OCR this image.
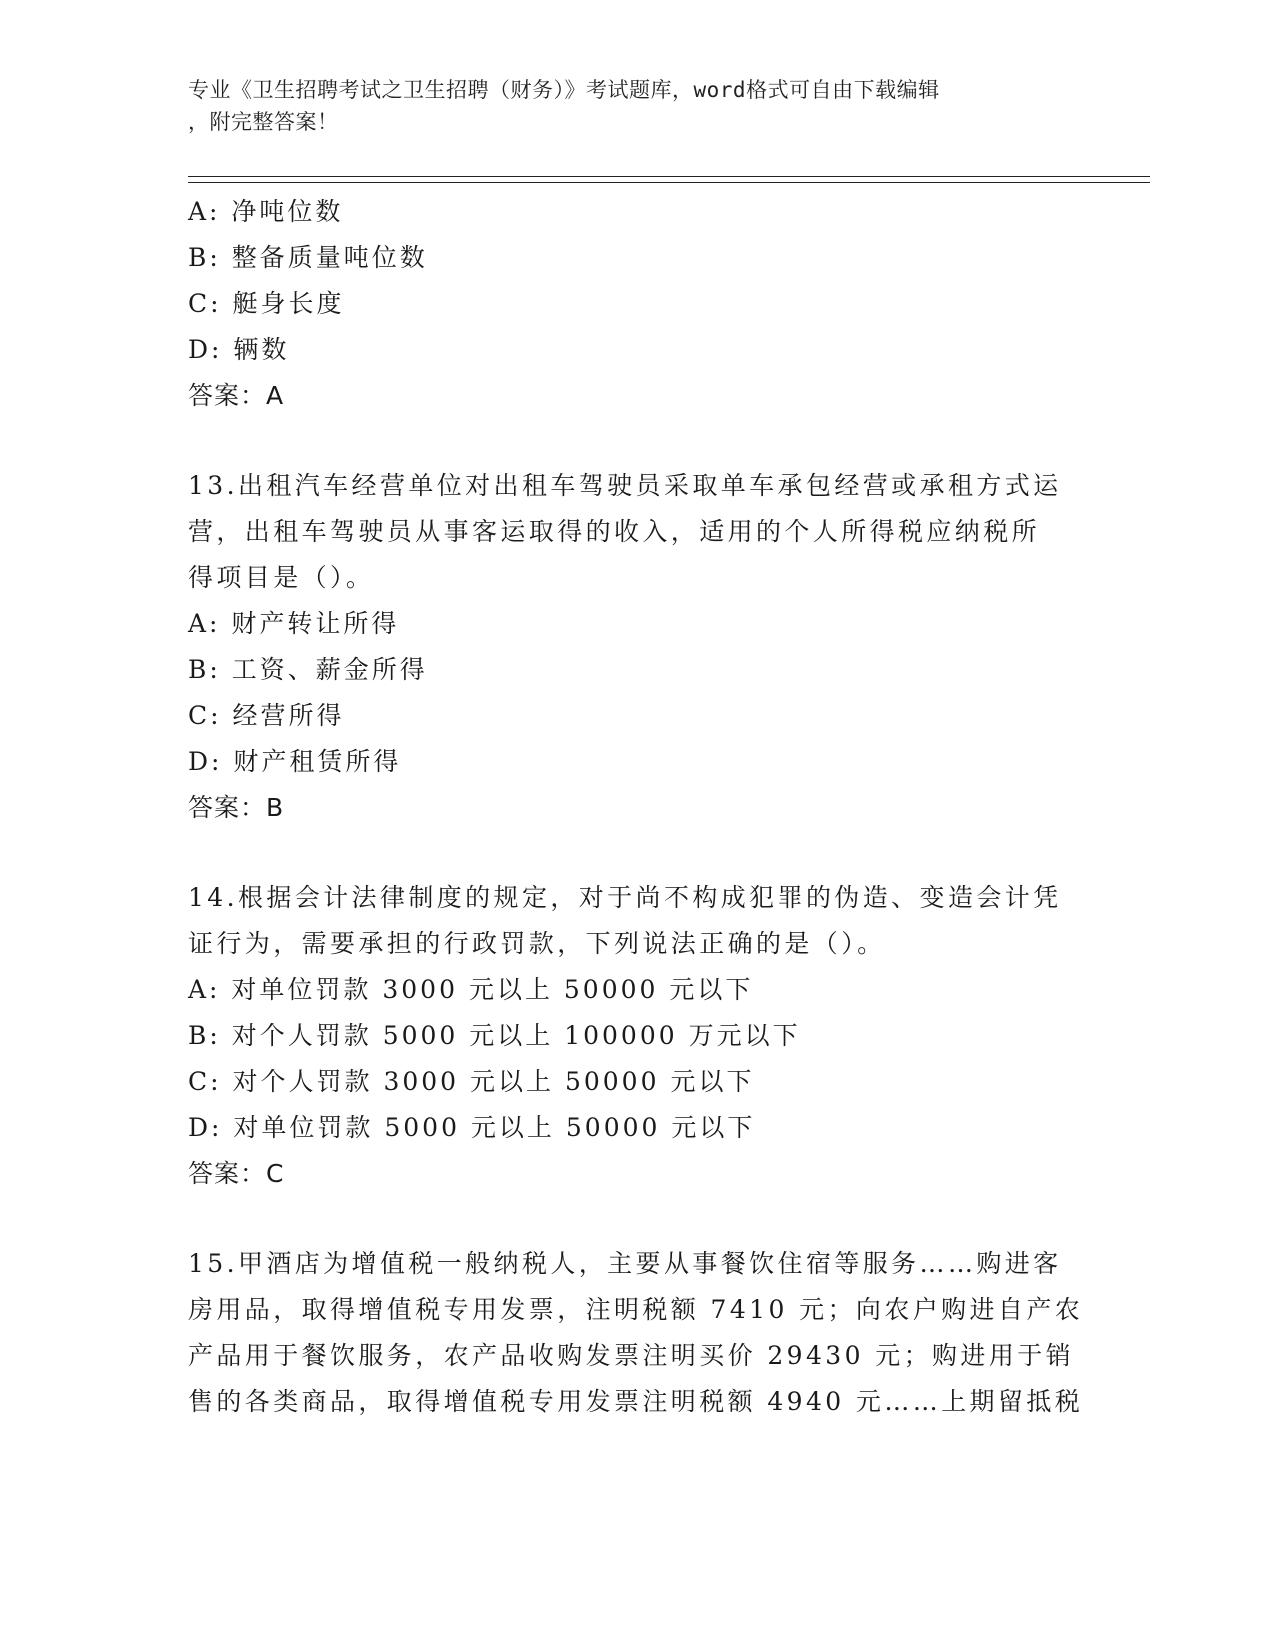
专业《卫生招聘考试之卫生招聘（财务）》考试题库，word格式可自由下载编辑
，附完整答案！
A: 净吨位数
B: 整备质量吨位数
C: 艇身长度
D: 辆数
答案：A
13.出租汽车经营单位对出租车驾驶员采取单车承包经营或承租方式运
营，出租车驾驶员从事客运取得的收入，适用的个人所得税应纳税所
得项目是（）。
A: 财产转让所得
B: 工资、薪金所得
C: 经营所得
D: 财产租赁所得
答案：B
14.根据会计法律制度的规定，对于尚不构成犯罪的伪造、变造会计凭
证行为，需要承担的行政罚款，下列说法正确的是（）。
A: 对单位罚款 3000 元以上 50000 元以下
B: 对个人罚款 5000 元以上 100000 万元以下
C: 对个人罚款 3000 元以上 50000 元以下
D: 对单位罚款 5000 元以上 50000 元以下
答案：C
15.甲酒店为增值税一般纳税人，主要从事餐饮住宿等服务……购进客
房用品，取得增值税专用发票，注明税额 7410 元；向农户购进自产农
产品用于餐饮服务，农产品收购发票注明买价 29430 元；购进用于销
售的各类商品，取得增值税专用发票注明税额 4940 元……上期留抵税
